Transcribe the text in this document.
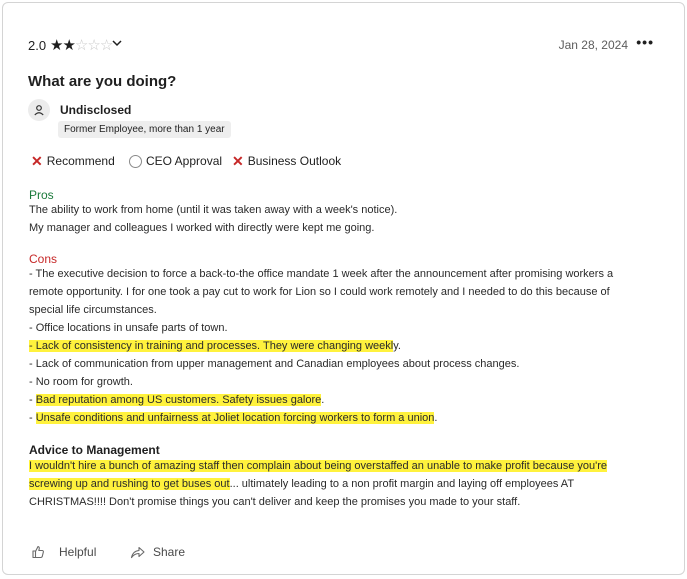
2.0 ★★☆☆☆	Jan 28, 2024 •••
What are you doing?
Undisclosed
Former Employee, more than 1 year
✕ Recommend	CEO Approval ✕ Business Outlook
Pros
The ability to work from home (until it was taken away with a week's notice).
My manager and colleagues I worked with directly were kept me going.
Cons
- The executive decision to force a back-to-the office mandate 1 week after the announcement after promising workers a
remote opportunity. I for one took a pay cut to work for Lion so I could work remotely and I needed to do this because of
special life circumstances.
- Office locations in unsafe parts of town.
- Lack of consistency in training and processes. They were changing weekly.
- Lack of communication from upper management and Canadian employees about process changes.
- No room for growth.
- Bad reputation among US customers. Safety issues galore.
- Unsafe conditions and unfairness at Joliet location forcing workers to form a union.
Advice to Management
I wouldn't hire a bunch of amazing staff then complain about being overstaffed an unable to make profit because you're
screwing up and rushing to get buses out... ultimately leading to a non profit margin and laying off employees AT
CHRISTMAS!!!! Don't promise things you can't deliver and keep the promises you made to your staff.
Helpful	Share
